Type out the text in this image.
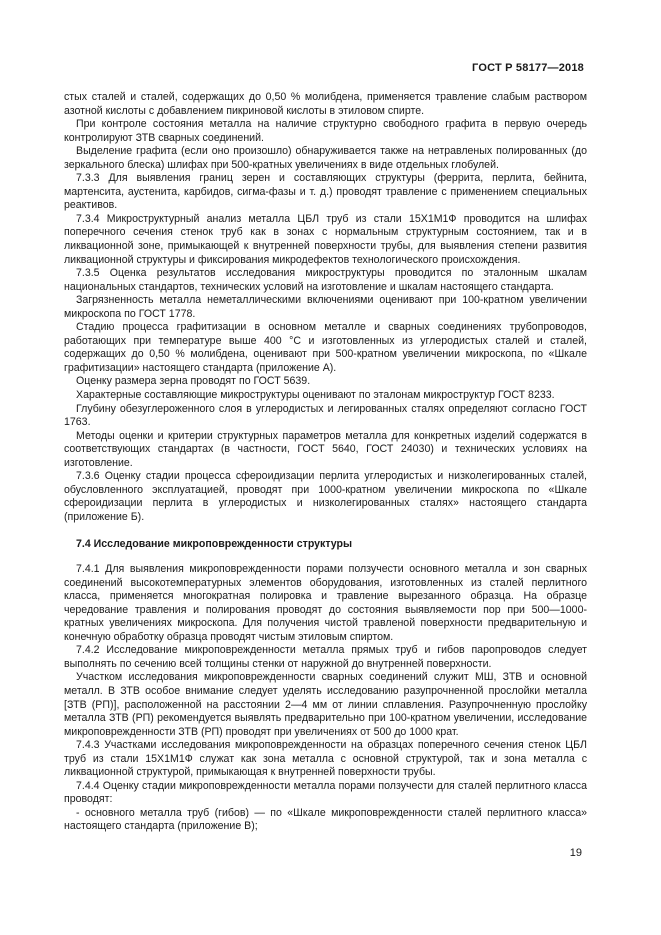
ГОСТ Р 58177—2018

стых сталей и сталей, содержащих до 0,50 % молибдена, применяется травление слабым раствором азотной кислоты с добавлением пикриновой кислоты в этиловом спирте.

При контроле состояния металла на наличие структурно свободного графита в первую очередь контролируют ЗТВ сварных соединений.

Выделение графита (если оно произошло) обнаруживается также на нетравленых полированных (до зеркального блеска) шлифах при 500-кратных увеличениях в виде отдельных глобулей.

7.3.3 Для выявления границ зерен и составляющих структуры (феррита, перлита, бейнита, мартенсита, аустенита, карбидов, сигма-фазы и т. д.) проводят травление с применением специальных реактивов.

7.3.4 Микроструктурный анализ металла ЦБЛ труб из стали 15Х1М1Ф проводится на шлифах поперечного сечения стенок труб как в зонах с нормальным структурным состоянием, так и в ликвационной зоне, примыкающей к внутренней поверхности трубы, для выявления степени развития ликвационной структуры и фиксирования микродефектов технологического происхождения.

7.3.5 Оценка результатов исследования микроструктуры проводится по эталонным шкалам национальных стандартов, технических условий на изготовление и шкалам настоящего стандарта.

Загрязненность металла неметаллическими включениями оценивают при 100-кратном увеличении микроскопа по ГОСТ 1778.

Стадию процесса графитизации в основном металле и сварных соединениях трубопроводов, работающих при температуре выше 400 °С и изготовленных из углеродистых сталей и сталей, содержащих до 0,50 % молибдена, оценивают при 500-кратном увеличении микроскопа, по «Шкале графитизации» настоящего стандарта (приложение А).

Оценку размера зерна проводят по ГОСТ 5639.

Характерные составляющие микроструктуры оценивают по эталонам микроструктур ГОСТ 8233.

Глубину обезуглероженного слоя в углеродистых и легированных сталях определяют согласно ГОСТ 1763.

Методы оценки и критерии структурных параметров металла для конкретных изделий содержатся в соответствующих стандартах (в частности, ГОСТ 5640, ГОСТ 24030) и технических условиях на изготовление.

7.3.6 Оценку стадии процесса сфероидизации перлита углеродистых и низколегированных сталей, обусловленного эксплуатацией, проводят при 1000-кратном увеличении микроскопа по «Шкале сфероидизации перлита в углеродистых и низколегированных сталях» настоящего стандарта (приложение Б).

7.4 Исследование микроповрежденности структуры

7.4.1 Для выявления микроповрежденности порами ползучести основного металла и зон сварных соединений высокотемпературных элементов оборудования, изготовленных из сталей перлитного класса, применяется многократная полировка и травление вырезанного образца. На образце чередование травления и полирования проводят до состояния выявляемости пор при 500—1000-кратных увеличениях микроскопа. Для получения чистой травленой поверхности предварительную и конечную обработку образца проводят чистым этиловым спиртом.

7.4.2 Исследование микроповрежденности металла прямых труб и гибов паропроводов следует выполнять по сечению всей толщины стенки от наружной до внутренней поверхности.

Участком исследования микроповрежденности сварных соединений служит МШ, ЗТВ и основной металл. В ЗТВ особое внимание следует уделять исследованию разупрочненной прослойки металла [ЗТВ (РП)], расположенной на расстоянии 2—4 мм от линии сплавления. Разупрочненную прослойку металла ЗТВ (РП) рекомендуется выявлять предварительно при 100-кратном увеличении, исследование микроповрежденности ЗТВ (РП) проводят при увеличениях от 500 до 1000 крат.

7.4.3 Участками исследования микроповрежденности на образцах поперечного сечения стенок ЦБЛ труб из стали 15Х1М1Ф служат как зона металла с основной структурой, так и зона металла с ликвационной структурой, примыкающая к внутренней поверхности трубы.

7.4.4 Оценку стадии микроповрежденности металла порами ползучести для сталей перлитного класса проводят:

- основного металла труб (гибов) — по «Шкале микроповрежденности сталей перлитного класса» настоящего стандарта (приложение В);

19
